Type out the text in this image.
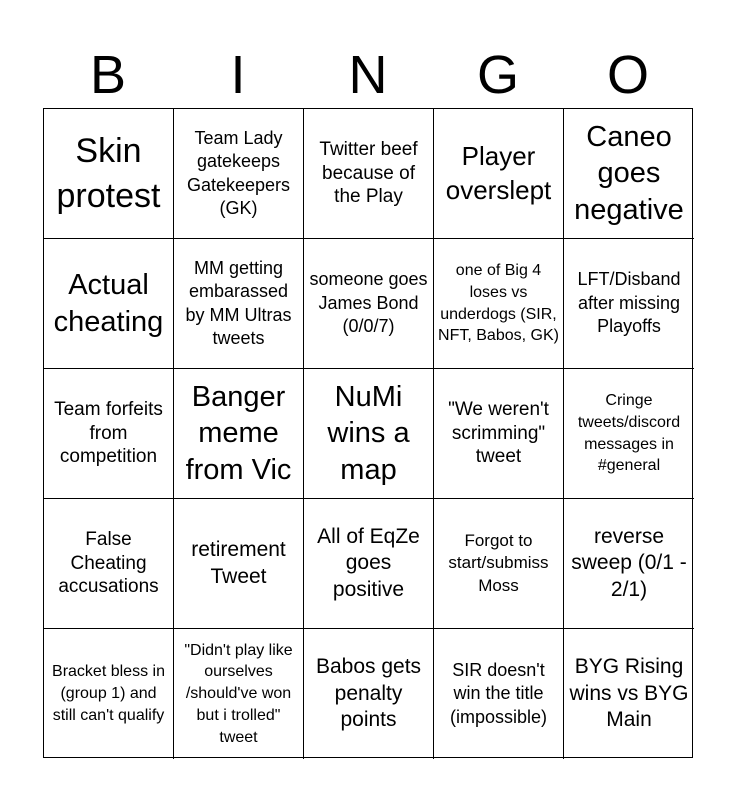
B	I	N	G	O
Skin protest
Team Lady gatekeeps Gatekeepers (GK)
Twitter beef because of the Play
Player overslept
Caneo goes negative
Actual cheating
MM getting embarassed by MM Ultras tweets
someone goes James Bond (0/0/7)
one of Big 4 loses vs underdogs (SIR, NFT, Babos, GK)
LFT/Disband after missing Playoffs
Team forfeits from competition
Banger meme from Vic
NuMi wins a map
"We weren't scrimming" tweet
Cringe tweets/discord messages in #general
False Cheating accusations
retirement Tweet
All of EqZe goes positive
Forgot to start/submiss Moss
reverse sweep (0/1 - 2/1)
Bracket bless in (group 1) and still can't qualify
"Didn't play like ourselves /should've won but i trolled" tweet
Babos gets penalty points
SIR doesn't win the title (impossible)
BYG Rising wins vs BYG Main
